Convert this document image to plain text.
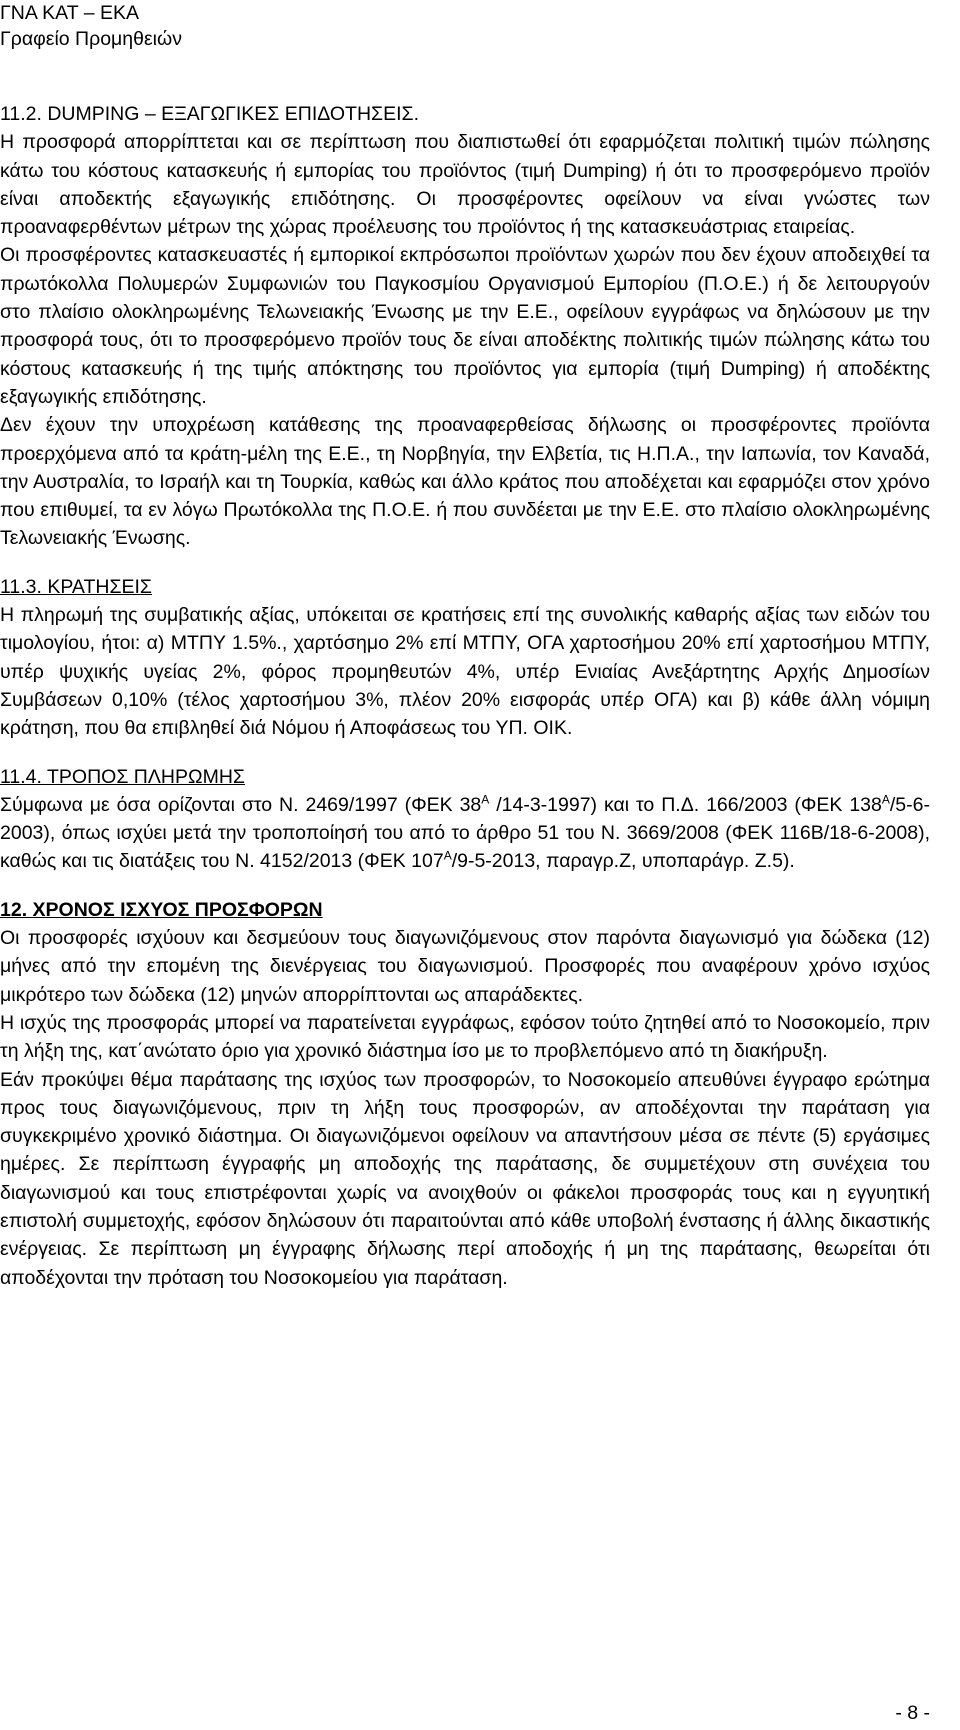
ΓΝΑ ΚΑΤ – ΕΚΑ
Γραφείο Προμηθειών
11.2. DUMPING – ΕΞΑΓΩΓΙΚΕΣ ΕΠΙΔΟΤΗΣΕΙΣ.

Η προσφορά απορρίπτεται και σε περίπτωση που διαπιστωθεί ότι εφαρμόζεται πολιτική τιμών πώλησης κάτω του κόστους κατασκευής ή εμπορίας του προϊόντος (τιμή Dumping) ή ότι το προσφερόμενο προϊόν είναι αποδεκτής εξαγωγικής επιδότησης. Οι προσφέροντες οφείλουν να είναι γνώστες των προαναφερθέντων μέτρων της χώρας προέλευσης του προϊόντος ή της κατασκευάστριας εταιρείας.

Οι προσφέροντες κατασκευαστές ή εμπορικοί εκπρόσωποι προϊόντων χωρών που δεν έχουν αποδειχθεί τα πρωτόκολλα Πολυμερών Συμφωνιών του Παγκοσμίου Οργανισμού Εμπορίου (Π.Ο.Ε.) ή δε λειτουργούν στο πλαίσιο ολοκληρωμένης Τελωνειακής Ένωσης με την Ε.Ε., οφείλουν εγγράφως να δηλώσουν με την προσφορά τους, ότι το προσφερόμενο προϊόν τους δε είναι αποδέκτης πολιτικής τιμών πώλησης κάτω του κόστους κατασκευής ή της τιμής απόκτησης του προϊόντος για εμπορία (τιμή Dumping) ή αποδέκτης εξαγωγικής επιδότησης.

Δεν έχουν την υποχρέωση κατάθεσης της προαναφερθείσας δήλωσης οι προσφέροντες προϊόντα προερχόμενα από τα κράτη-μέλη της Ε.Ε., τη Νορβηγία, την Ελβετία, τις Η.Π.Α., την Ιαπωνία, τον Καναδά, την Αυστραλία, το Ισραήλ και τη Τουρκία, καθώς και άλλο κράτος που αποδέχεται και εφαρμόζει στον χρόνο που επιθυμεί, τα εν λόγω Πρωτόκολλα της Π.Ο.Ε. ή που συνδέεται με την Ε.Ε. στο πλαίσιο ολοκληρωμένης Τελωνειακής Ένωσης.

11.3. ΚΡΑΤΗΣΕΙΣ

Η πληρωμή της συμβατικής αξίας, υπόκειται σε κρατήσεις επί της συνολικής καθαρής αξίας των ειδών του τιμολογίου, ήτοι: α) ΜΤΠΥ 1.5%., χαρτόσημο 2% επί ΜΤΠΥ, ΟΓΑ χαρτοσήμου 20% επί χαρτοσήμου ΜΤΠΥ, υπέρ ψυχικής υγείας 2%, φόρος προμηθευτών 4%, υπέρ Ενιαίας Ανεξάρτητης Αρχής Δημοσίων Συμβάσεων 0,10% (τέλος χαρτοσήμου 3%, πλέον 20% εισφοράς υπέρ ΟΓΑ) και β) κάθε άλλη νόμιμη κράτηση, που θα επιβληθεί διά Νόμου ή Αποφάσεως του ΥΠ. ΟΙΚ.

11.4. ΤΡΟΠΟΣ ΠΛΗΡΩΜΗΣ

Σύμφωνα με όσα ορίζονται στο Ν. 2469/1997 (ΦΕΚ $38^A$ /14-3-1997) και το Π.Δ. 166/2003 (ΦΕΚ $138^A/5-6-2003$), όπως ισχύει μετά την τροποποίησή του από το άρθρο 51 του Ν. 3669/2008 (ΦΕΚ 116Β/18-6-2008), καθώς και τις διατάξεις του Ν. 4152/2013 (ΦΕΚ $107^A/9-5-2013$, παραγρ.Ζ, υποπαράγρ. Ζ.5).

12. ΧΡΟΝΟΣ ΙΣΧΥΟΣ ΠΡΟΣΦΟΡΩΝ

Οι προσφορές ισχύουν και δεσμεύουν τους διαγωνιζόμενους στον παρόντα διαγωνισμό για δώδεκα (12) μήνες από την επομένη της διενέργειας του διαγωνισμού. Προσφορές που αναφέρουν χρόνο ισχύος μικρότερο των δώδεκα (12) μηνών απορρίπτονται ως απαράδεκτες.

Η ισχύς της προσφοράς μπορεί να παρατείνεται εγγράφως, εφόσον τούτο ζητηθεί από το Νοσοκομείο, πριν τη λήξη της, κατ΄ανώτατο όριο για χρονικό διάστημα ίσο με το προβλεπόμενο από τη διακήρυξη.

Εάν προκύψει θέμα παράτασης της ισχύος των προσφορών, το Νοσοκομείο απευθύνει έγγραφο ερώτημα προς τους διαγωνιζόμενους, πριν τη λήξη τους προσφορών, αν αποδέχονται την παράταση για συγκεκριμένο χρονικό διάστημα. Οι διαγωνιζόμενοι οφείλουν να απαντήσουν μέσα σε πέντε (5) εργάσιμες ημέρες. Σε περίπτωση έγγραφής μη αποδοχής της παράτασης, δε συμμετέχουν στη συνέχεια του διαγωνισμού και τους επιστρέφονται χωρίς να ανοιχθούν οι φάκελοι προσφοράς τους και η εγγυητική επιστολή συμμετοχής, εφόσον δηλώσουν ότι παραιτούνται από κάθε υποβολή ένστασης ή άλλης δικαστικής ενέργειας. Σε περίπτωση μη έγγραφης δήλωσης περί αποδοχής ή μη της παράτασης, θεωρείται ότι αποδέχονται την πρόταση του Νοσοκομείου για παράταση.

- 8 -
